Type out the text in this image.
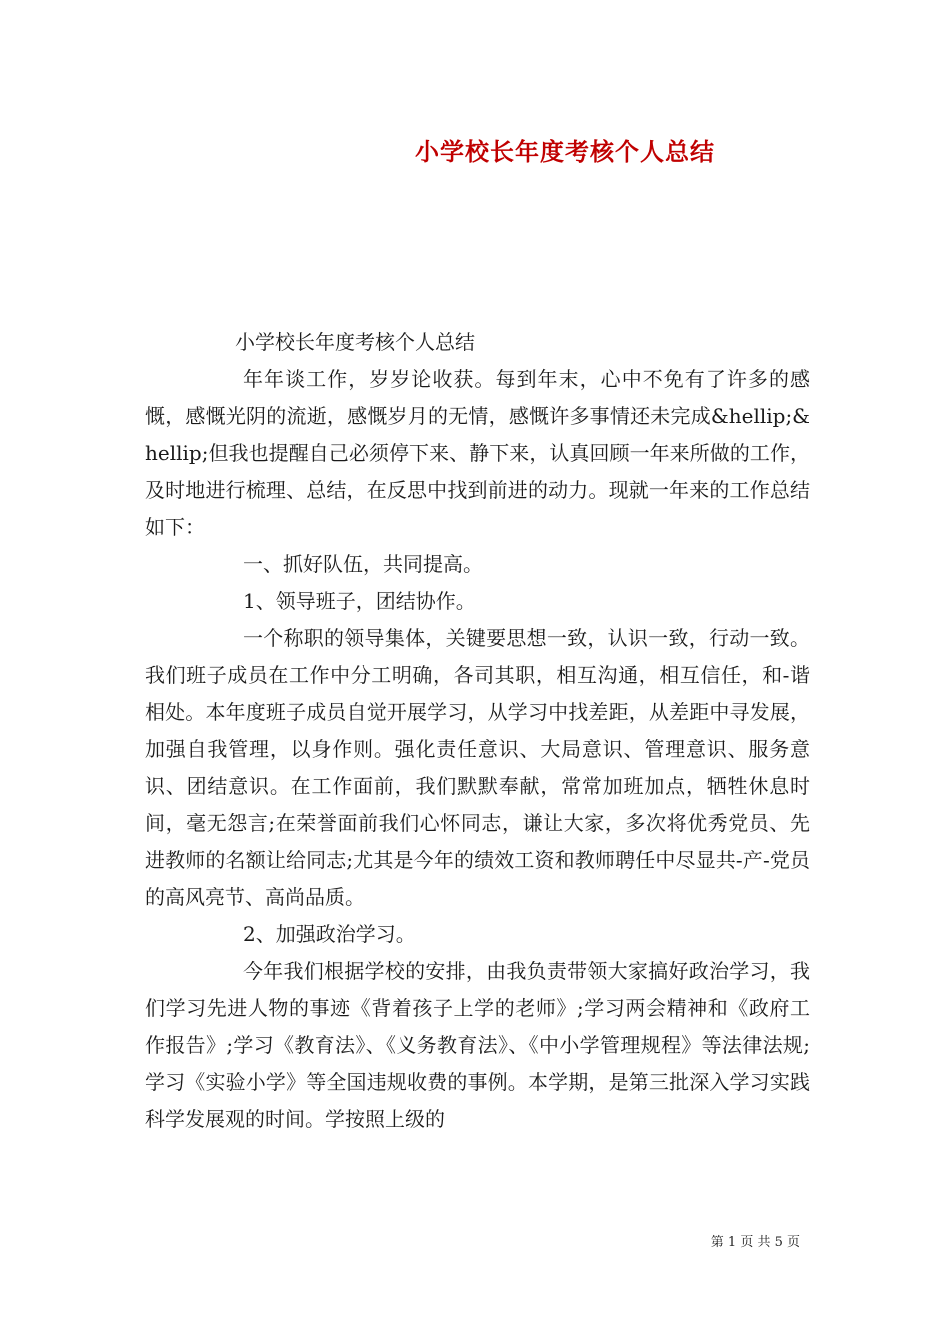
小学校长年度考核个人总结

小学校长年度考核个人总结

年年谈工作，岁岁论收获。每到年末，心中不免有了许多的感慨，感慨光阴的流逝，感慨岁月的无情，感慨许多事情还未完成&hellip;&hellip;但我也提醒自己必须停下来、静下来，认真回顾一年来所做的工作，及时地进行梳理、总结，在反思中找到前进的动力。现就一年来的工作总结如下：

一、抓好队伍，共同提高。

1、领导班子，团结协作。

一个称职的领导集体，关键要思想一致，认识一致，行动一致。我们班子成员在工作中分工明确，各司其职，相互沟通，相互信任，和-谐相处。本年度班子成员自觉开展学习，从学习中找差距，从差距中寻发展，加强自我管理，以身作则。强化责任意识、大局意识、管理意识、服务意识、团结意识。在工作面前，我们默默奉献，常常加班加点，牺牲休息时间，毫无怨言;在荣誉面前我们心怀同志，谦让大家，多次将优秀党员、先进教师的名额让给同志;尤其是今年的绩效工资和教师聘任中尽显共-产-党员的高风亮节、高尚品质。

2、加强政治学习。

今年我们根据学校的安排，由我负责带领大家搞好政治学习，我们学习先进人物的事迹《背着孩子上学的老师》;学习两会精神和《政府工作报告》;学习《教育法》、《义务教育法》、《中小学管理规程》等法律法规;学习《实验小学》等全国违规收费的事例。本学期，是第三批深入学习实践科学发展观的时间。学按照上级的

第 1 页 共 5 页
